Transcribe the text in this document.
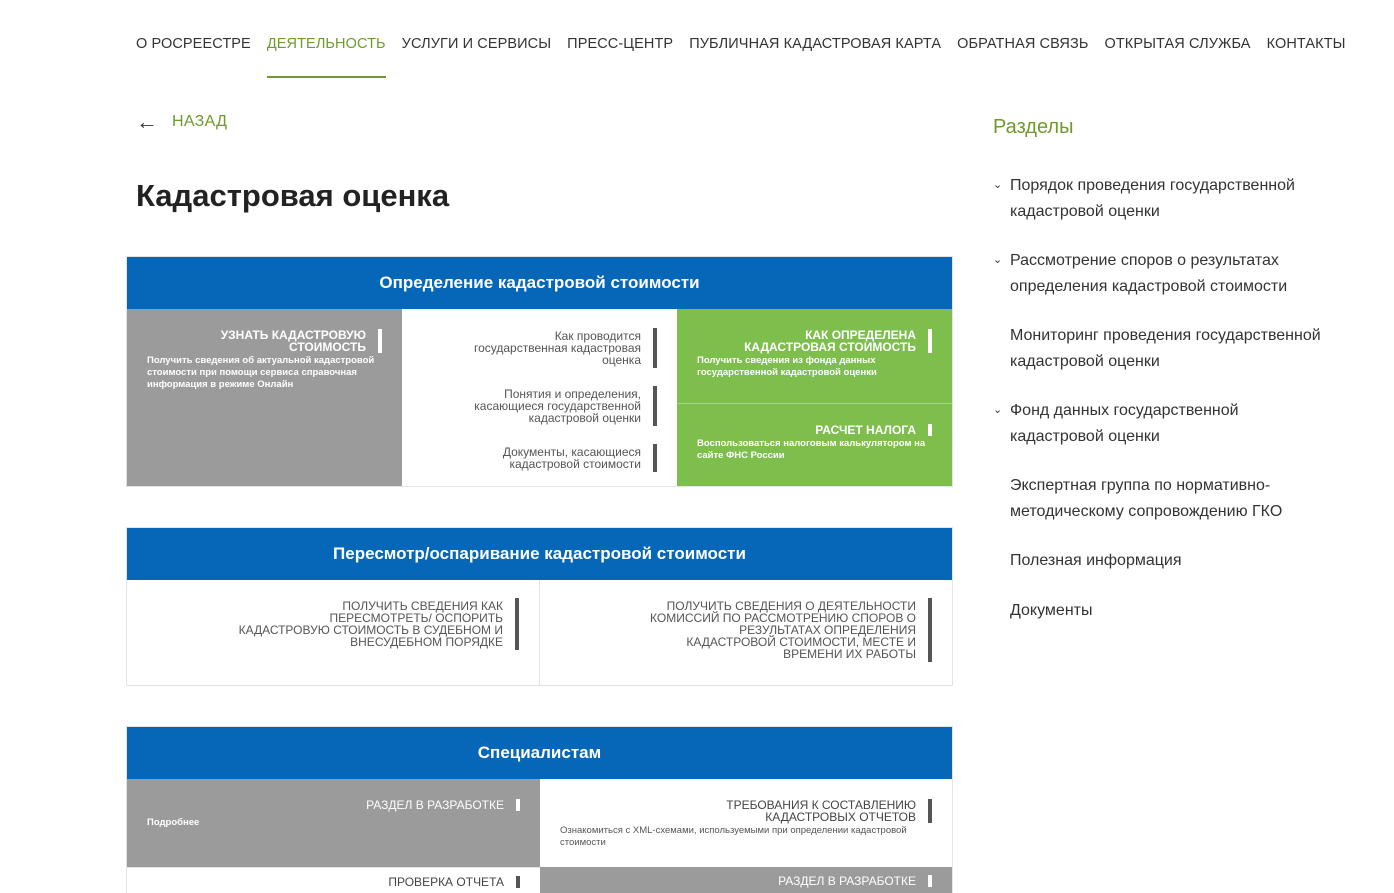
О РОСРЕЕСТРЕ ДЕЯТЕЛЬНОСТЬ УСЛУГИ И СЕРВИСЫ ПРЕСС-ЦЕНТР ПУБЛИЧНАЯ КАДАСТРОВАЯ КАРТА ОБРАТНАЯ СВЯЗЬ ОТКРЫТАЯ СЛУЖБА КОНТАКТЫ
← НАЗАД
Кадастровая оценка
Определение кадастровой стоимости
УЗНАТЬ КАДАСТРОВУЮ СТОИМОСТЬ
Получить сведения об актуальной кадастровой стоимости при помощи сервиса справочная информация в режиме Онлайн
Как проводится государственная кадастровая оценка
Понятия и определения, касающиеся государственной кадастровой оценки
Документы, касающиеся кадастровой стоимости
КАК ОПРЕДЕЛЕНА КАДАСТРОВАЯ СТОИМОСТЬ
Получить сведения из фонда данных государственной кадастровой оценки
РАСЧЕТ НАЛОГА
Воспользоваться налоговым калькулятором на сайте ФНС России
Пересмотр/оспаривание кадастровой стоимости
ПОЛУЧИТЬ СВЕДЕНИЯ КАК ПЕРЕСМОТРЕТЬ/ ОСПОРИТЬ КАДАСТРОВУЮ СТОИМОСТЬ В СУДЕБНОМ И ВНЕСУДЕБНОМ ПОРЯДКЕ
ПОЛУЧИТЬ СВЕДЕНИЯ О ДЕЯТЕЛЬНОСТИ КОМИССИЙ ПО РАССМОТРЕНИЮ СПОРОВ О РЕЗУЛЬТАТАХ ОПРЕДЕЛЕНИЯ КАДАСТРОВОЙ СТОИМОСТИ, МЕСТЕ И ВРЕМЕНИ ИХ РАБОТЫ
Специалистам
РАЗДЕЛ В РАЗРАБОТКЕ
Подробнее
ТРЕБОВАНИЯ К СОСТАВЛЕНИЮ КАДАСТРОВЫХ ОТЧЕТОВ
Ознакомиться с XML-схемами, используемыми при определении кадастровой стоимости
ПРОВЕРКА ОТЧЕТА	РАЗДЕЛ В РАЗРАБОТКЕ
Разделы
⌄ Порядок проведения государственной кадастровой оценки
⌄ Рассмотрение споров о результатах определения кадастровой стоимости
Мониторинг проведения государственной кадастровой оценки
⌄ Фонд данных государственной кадастровой оценки
Экспертная группа по нормативно-методическому сопровождению ГКО
Полезная информация
Документы
